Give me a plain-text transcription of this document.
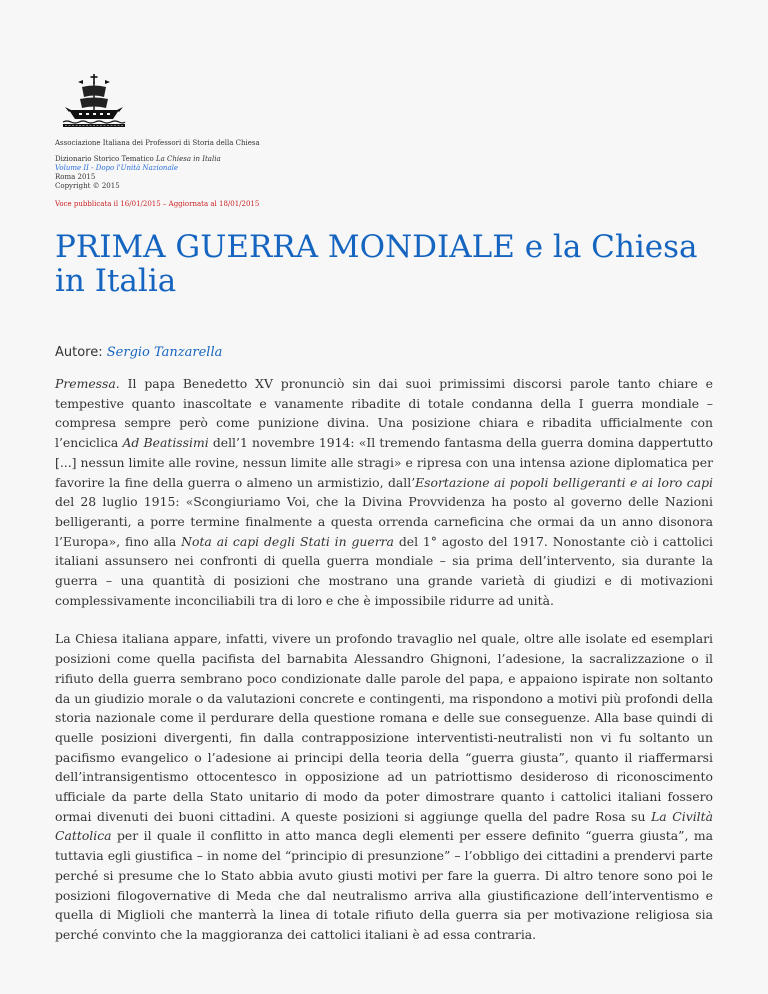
Associazione Italiana dei Professori di Storia della Chiesa
Dizionario Storico Tematico La Chiesa in Italia
Volume II - Dopo l'Unità Nazionale
Roma 2015
Copyright © 2015
Voce pubblicata il 16/01/2015 – Aggiornata al 18/01/2015
PRIMA GUERRA MONDIALE e la Chiesa in Italia
Autore: Sergio Tanzarella

Premessa. Il papa Benedetto XV pronunciò sin dai suoi primissimi discorsi parole tanto chiare e tempestive quanto inascoltate e vanamente ribadite di totale condanna della I guerra mondiale – compresa sempre però come punizione divina. Una posizione chiara e ribadita ufficialmente con l’enciclica Ad Beatissimi dell’1 novembre 1914: «Il tremendo fantasma della guerra domina dappertutto [...] nessun limite alle rovine, nessun limite alle stragi» e ripresa con una intensa azione diplomatica per favorire la fine della guerra o almeno un armistizio, dall’Esortazione ai popoli belligeranti e ai loro capi del 28 luglio 1915: «Scongiuriamo Voi, che la Divina Provvidenza ha posto al governo delle Nazioni belligeranti, a porre termine finalmente a questa orrenda carneficina che ormai da un anno disonora l’Europa», fino alla Nota ai capi degli Stati in guerra del 1° agosto del 1917. Nonostante ciò i cattolici italiani assunsero nei confronti di quella guerra mondiale – sia prima dell’intervento, sia durante la guerra – una quantità di posizioni che mostrano una grande varietà di giudizi e di motivazioni complessivamente inconciliabili tra di loro e che è impossibile ridurre ad unità.

La Chiesa italiana appare, infatti, vivere un profondo travaglio nel quale, oltre alle isolate ed esemplari posizioni come quella pacifista del barnabita Alessandro Ghignoni, l’adesione, la sacralizzazione o il rifiuto della guerra sembrano poco condizionate dalle parole del papa, e appaiono ispirate non soltanto da un giudizio morale o da valutazioni concrete e contingenti, ma rispondono a motivi più profondi della storia nazionale come il perdurare della questione romana e delle sue conseguenze. Alla base quindi di quelle posizioni divergenti, fin dalla contrapposizione interventisti-neutralisti non vi fu soltanto un pacifismo evangelico o l’adesione ai principi della teoria della “guerra giusta”, quanto il riaffermarsi dell’intransigentismo ottocentesco in opposizione ad un patriottismo desideroso di riconoscimento ufficiale da parte della Stato unitario di modo da poter dimostrare quanto i cattolici italiani fossero ormai divenuti dei buoni cittadini. A queste posizioni si aggiunge quella del padre Rosa su La Civiltà Cattolica per il quale il conflitto in atto manca degli elementi per essere definito “guerra giusta”, ma tuttavia egli giustifica – in nome del “principio di presunzione” – l’obbligo dei cittadini a prendervi parte perché si presume che lo Stato abbia avuto giusti motivi per fare la guerra. Di altro tenore sono poi le posizioni filogovernative di Meda che dal neutralismo arriva alla giustificazione dell’interventismo e quella di Miglioli che manterrà la linea di totale rifiuto della guerra sia per motivazione religiosa sia perché convinto che la maggioranza dei cattolici italiani è ad essa contraria.
